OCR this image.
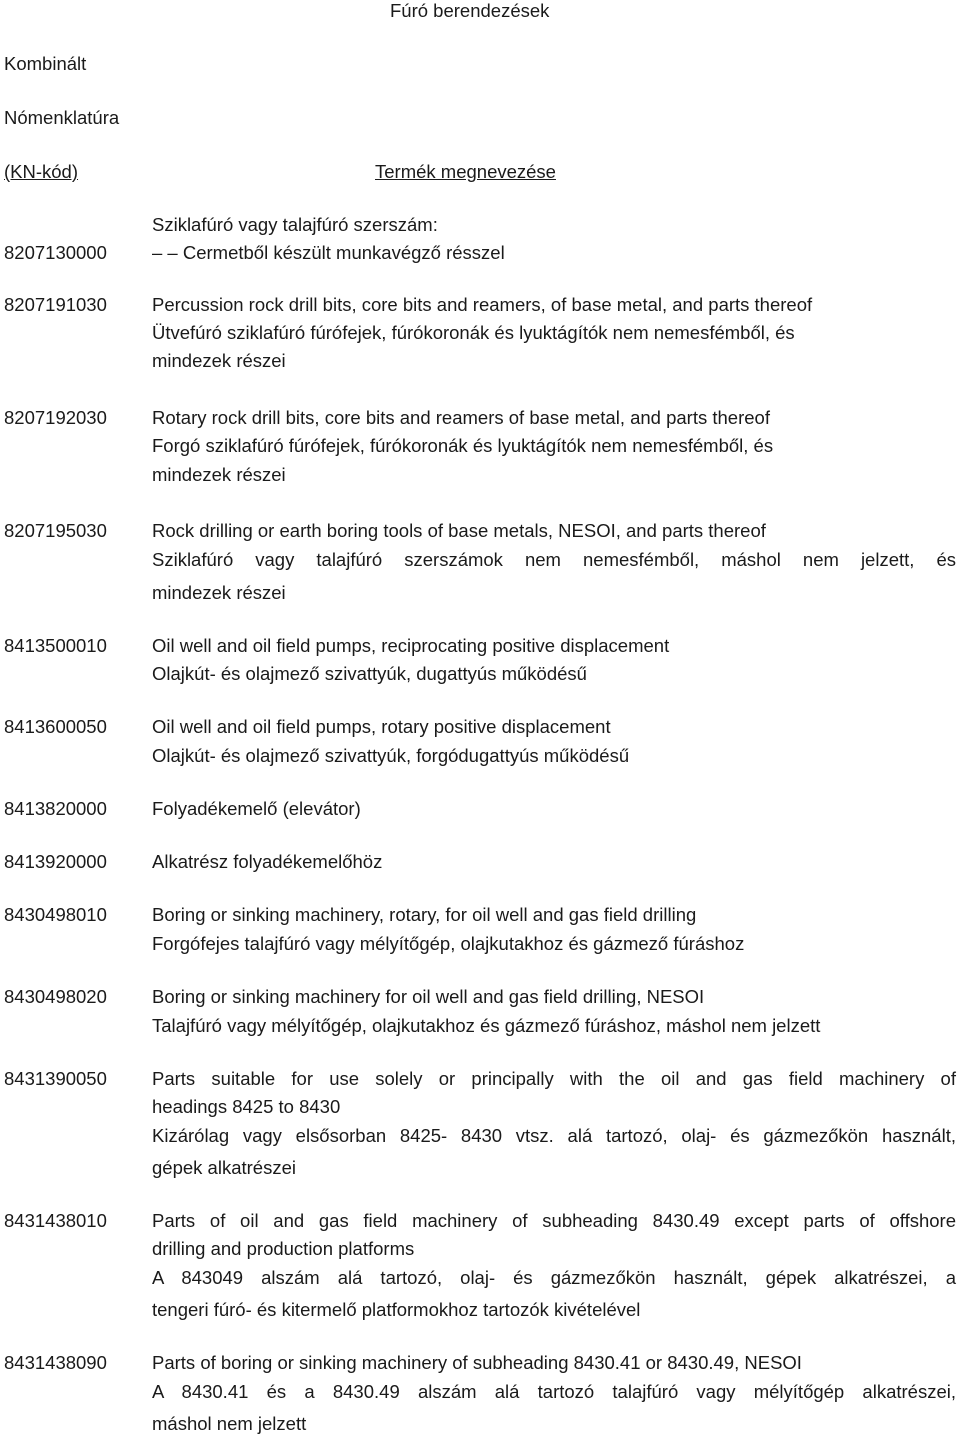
Fúró berendezések
Kombinált
Nómenklatúra
(KN-kód)	Termék megnevezése
Sziklafúró vagy talajfúró szerszám:
8207130000 – – Cermetből készült munkavégző résszel
8207191030 Percussion rock drill bits, core bits and reamers, of base metal, and parts thereof
Ütvefúró sziklafúró fúrófejek, fúrókoronák és lyuktágítók nem nemesfémből, és
mindezek részei
8207192030 Rotary rock drill bits, core bits and reamers of base metal, and parts thereof
Forgó sziklafúró fúrófejek, fúrókoronák és lyuktágítók nem nemesfémből, és
mindezek részei
8207195030 Rock drilling or earth boring tools of base metals, NESOI, and parts thereof
Sziklafúró vagy talajfúró szerszámok nem nemesfémből, máshol nem jelzett, és
mindezek részei
8413500010 Oil well and oil field pumps, reciprocating positive displacement
Olajkút- és olajmező szivattyúk, dugattyús működésű
8413600050 Oil well and oil field pumps, rotary positive displacement
Olajkút- és olajmező szivattyúk, forgódugattyús működésű
8413820000 Folyadékemelő (elevátor)
8413920000 Alkatrész folyadékemelőhöz
8430498010 Boring or sinking machinery, rotary, for oil well and gas field drilling
Forgófejes talajfúró vagy mélyítőgép, olajkutakhoz és gázmező fúráshoz
8430498020 Boring or sinking machinery for oil well and gas field drilling, NESOI
Talajfúró vagy mélyítőgép, olajkutakhoz és gázmező fúráshoz, máshol nem jelzett
8431390050 Parts suitable for use solely or principally with the oil and gas field machinery of
headings 8425 to 8430
Kizárólag vagy elsősorban 8425- 8430 vtsz. alá tartozó, olaj- és gázmezőkön használt,
gépek alkatrészei
8431438010 Parts of oil and gas field machinery of subheading 8430.49 except parts of offshore
drilling and production platforms
A 843049 alszám alá tartozó, olaj- és gázmezőkön használt, gépek alkatrészei, a
tengeri fúró- és kitermelő platformokhoz tartozók kivételével
8431438090 Parts of boring or sinking machinery of subheading 8430.41 or 8430.49, NESOI
A 8430.41 és a 8430.49 alszám alá tartozó talajfúró vagy mélyítőgép alkatrészei,
máshol nem jelzett
